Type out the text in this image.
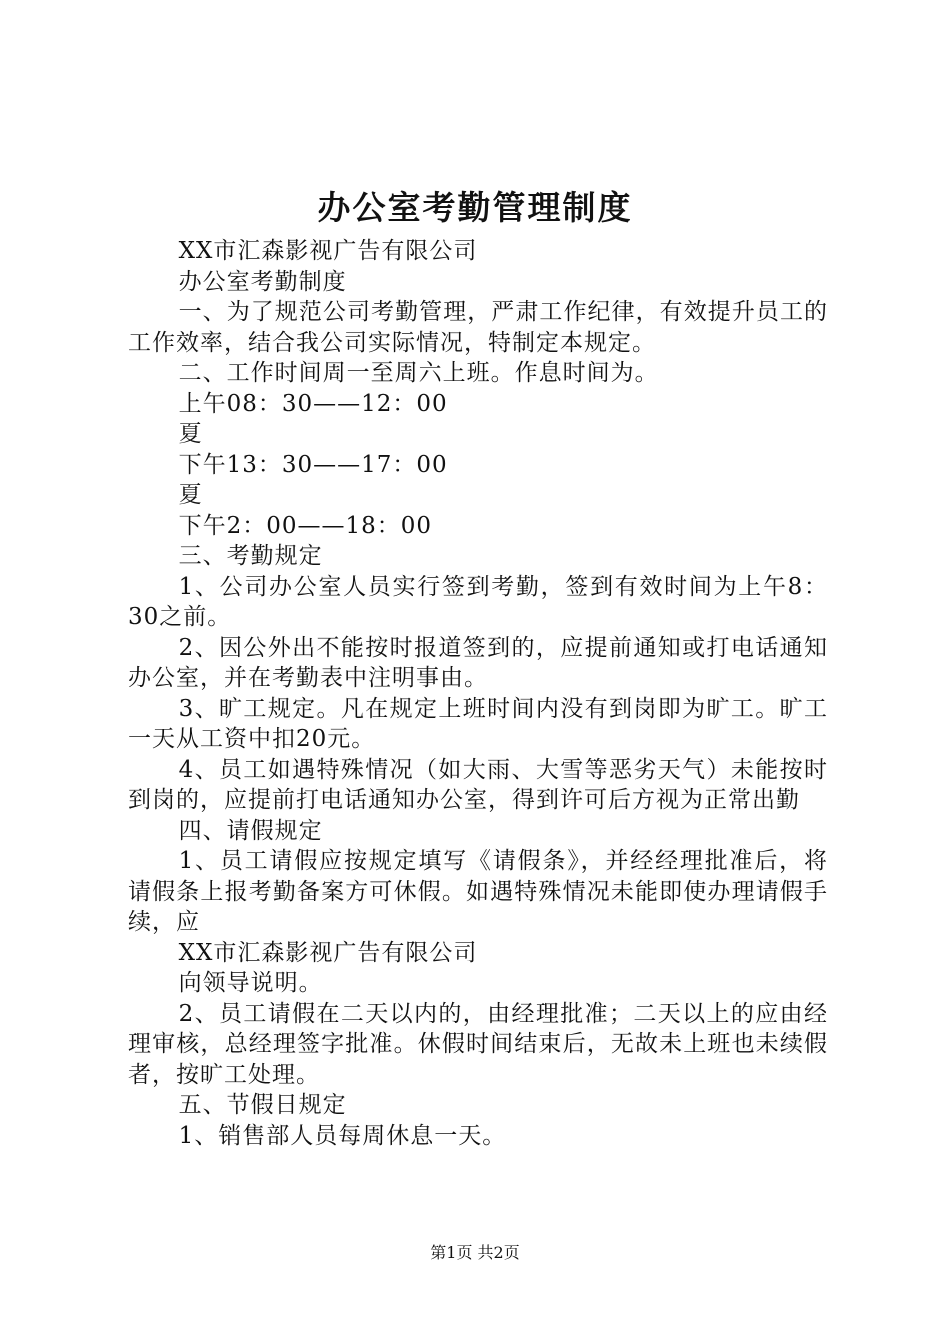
办公室考勤管理制度

XX市汇森影视广告有限公司

办公室考勤制度

一、为了规范公司考勤管理，严肃工作纪律，有效提升员工的工作效率，结合我公司实际情况，特制定本规定。

二、工作时间周一至周六上班。作息时间为。

上午08：30——12：00

夏

下午13：30——17：00

夏

下午2：00——18：00

三、考勤规定

1、公司办公室人员实行签到考勤，签到有效时间为上午8：30之前。

2、因公外出不能按时报道签到的，应提前通知或打电话通知办公室，并在考勤表中注明事由。

3、旷工规定。凡在规定上班时间内没有到岗即为旷工。旷工一天从工资中扣20元。

4、员工如遇特殊情况（如大雨、大雪等恶劣天气）未能按时到岗的，应提前打电话通知办公室，得到许可后方视为正常出勤

四、请假规定

1、员工请假应按规定填写《请假条》，并经经理批准后，将请假条上报考勤备案方可休假。如遇特殊情况未能即使办理请假手续，应

XX市汇森影视广告有限公司

向领导说明。

2、员工请假在二天以内的，由经理批准；二天以上的应由经理审核，总经理签字批准。休假时间结束后，无故未上班也未续假者，按旷工处理。

五、节假日规定

1、销售部人员每周休息一天。

第1页 共2页
